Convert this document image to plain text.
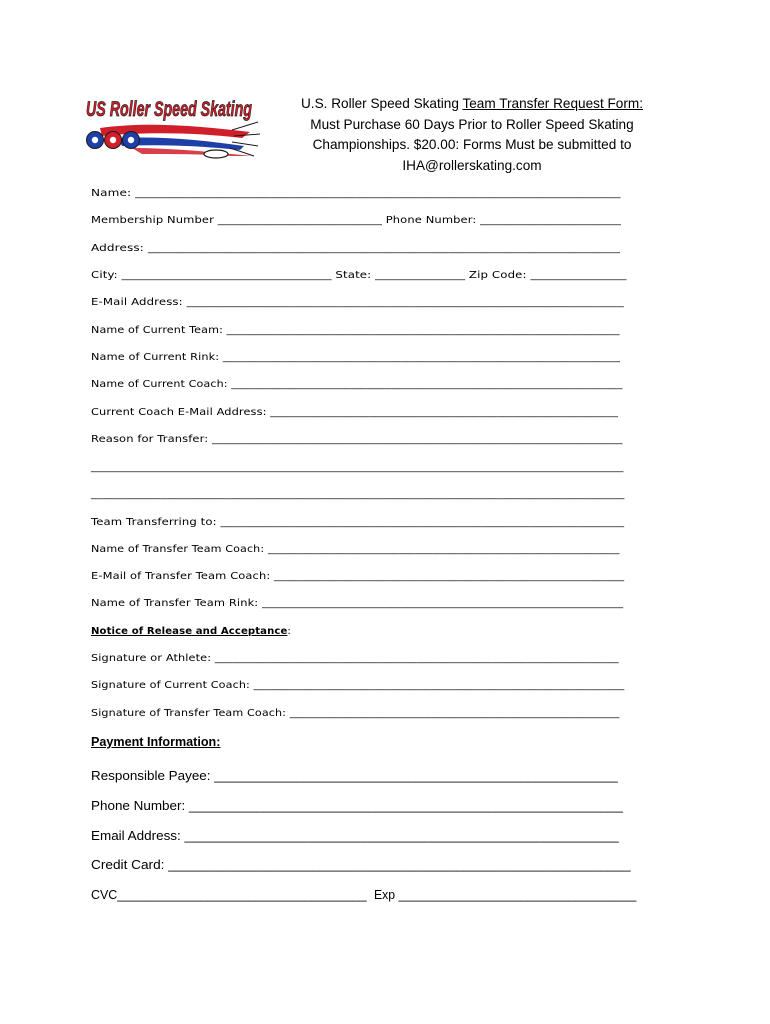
US Roller Speed Skating	U.S. Roller Speed Skating Team Transfer Request Form:
Must Purchase 60 Days Prior to Roller Speed Skating
Championships. $20.00: Forms Must be submitted to
IHA@rollerskating.com
Name: _______________________________________________________________________________
Membership Number ____________________________ Phone Number: ________________________
Address: _____________________________________________________________________________
City: ___________________________________ State: _______________ Zip Code: ________________
E-Mail Address: _________________________________________________________________________
Name of Current Team: _____________________________________________________________________
Name of Current Rink: _____________________________________________________________________
Name of Current Coach: _____________________________________________________________________
Current Coach E-Mail Address: ____________________________________________________________
Reason for Transfer: ______________________________________________________________________
____________________________________________________________________________________
____________________________________________________________________________________
Team Transferring to: ____________________________________________________________________
Name of Transfer Team Coach: ______________________________________________________________
E-Mail of Transfer Team Coach: ____________________________________________________________
Name of Transfer Team Rink: ______________________________________________________________
Notice of Release and Acceptance:
Signature or Athlete: ______________________________________________________________________
Signature of Current Coach: _________________________________________________________________
Signature of Transfer Team Coach: __________________________________________________________
Payment Information:
Responsible Payee: ______________________________________________________
Phone Number: __________________________________________________________
Email Address: __________________________________________________________
Credit Card: _____________________________________________________________
CVC____________________________________ Exp ___________________________________
